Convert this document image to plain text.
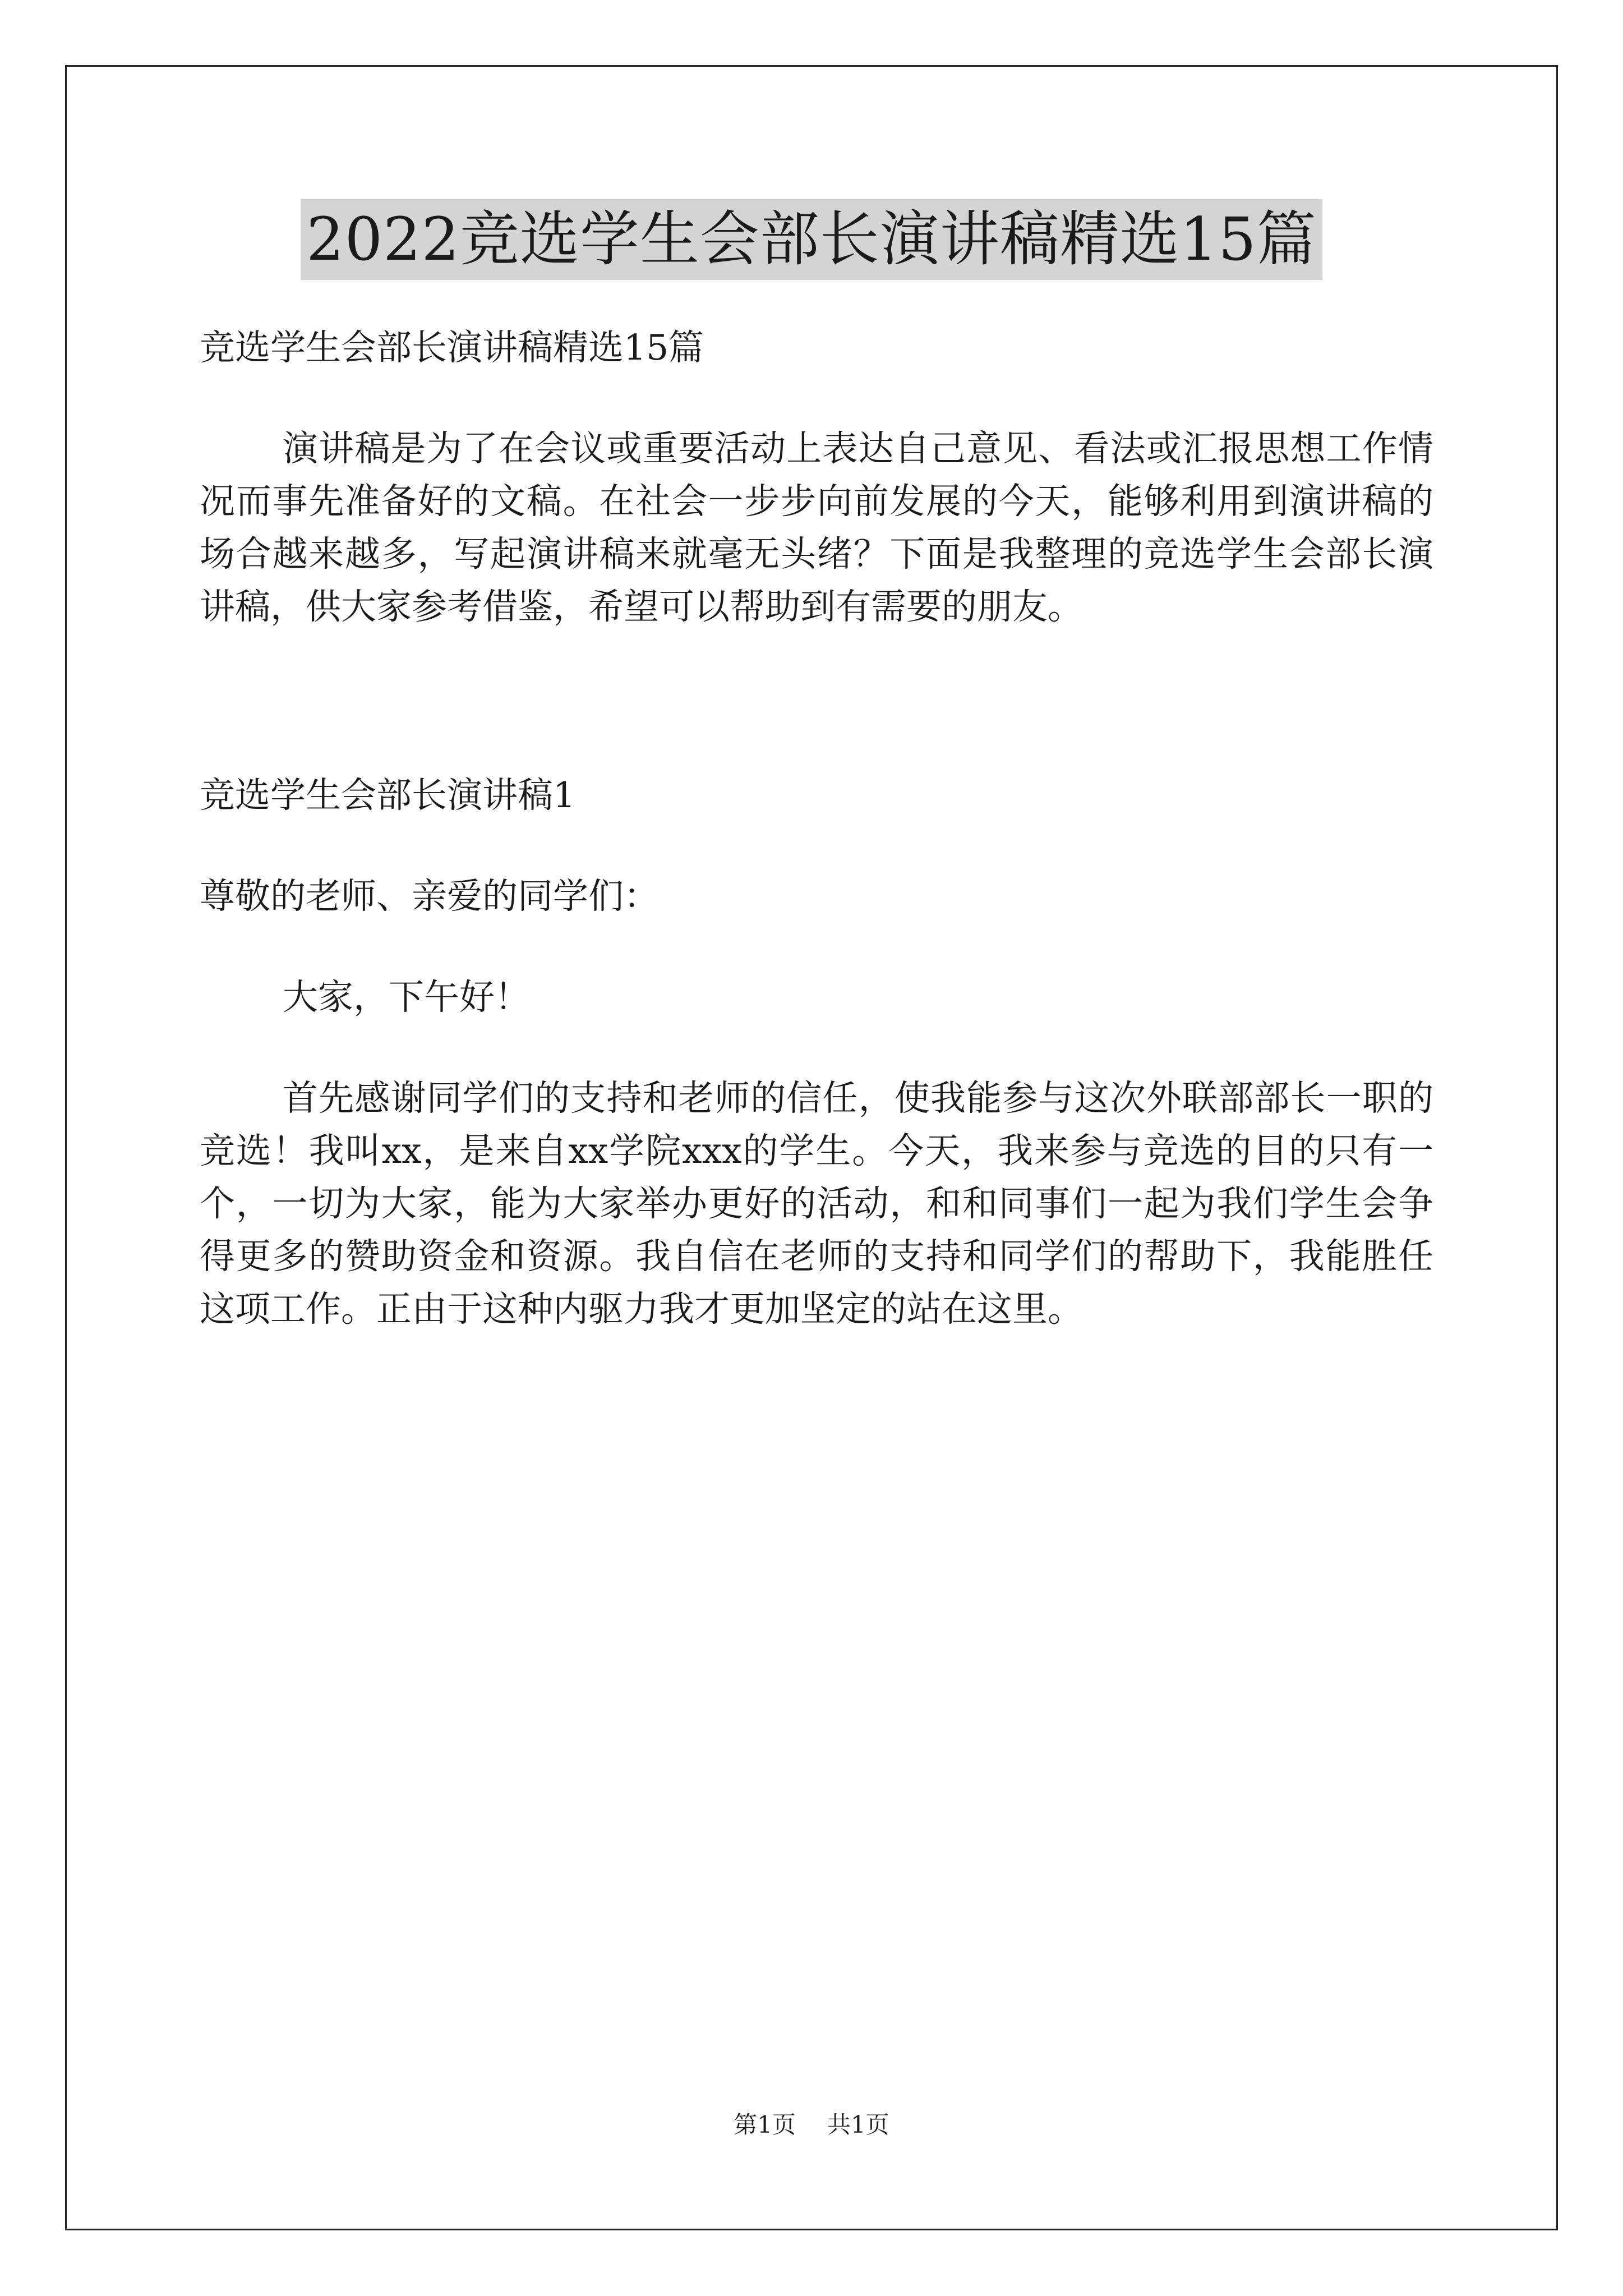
2022竞选学生会部长演讲稿精选15篇

竞选学生会部长演讲稿精选15篇

演讲稿是为了在会议或重要活动上表达自己意见、看法或汇报思想工作情况而事先准备好的文稿。在社会一步步向前发展的今天，能够利用到演讲稿的场合越来越多，写起演讲稿来就毫无头绪？下面是我整理的竞选学生会部长演讲稿，供大家参考借鉴，希望可以帮助到有需要的朋友。

竞选学生会部长演讲稿1

尊敬的老师、亲爱的同学们：

大家，下午好！

首先感谢同学们的支持和老师的信任，使我能参与这次外联部部长一职的竞选！我叫xx，是来自xx学院xxx的学生。今天，我来参与竞选的目的只有一个，一切为大家，能为大家举办更好的活动，和和同事们一起为我们学生会争得更多的赞助资金和资源。我自信在老师的支持和同学们的帮助下，我能胜任这项工作。正由于这种内驱力我才更加坚定的站在这里。

第1页 共1页
